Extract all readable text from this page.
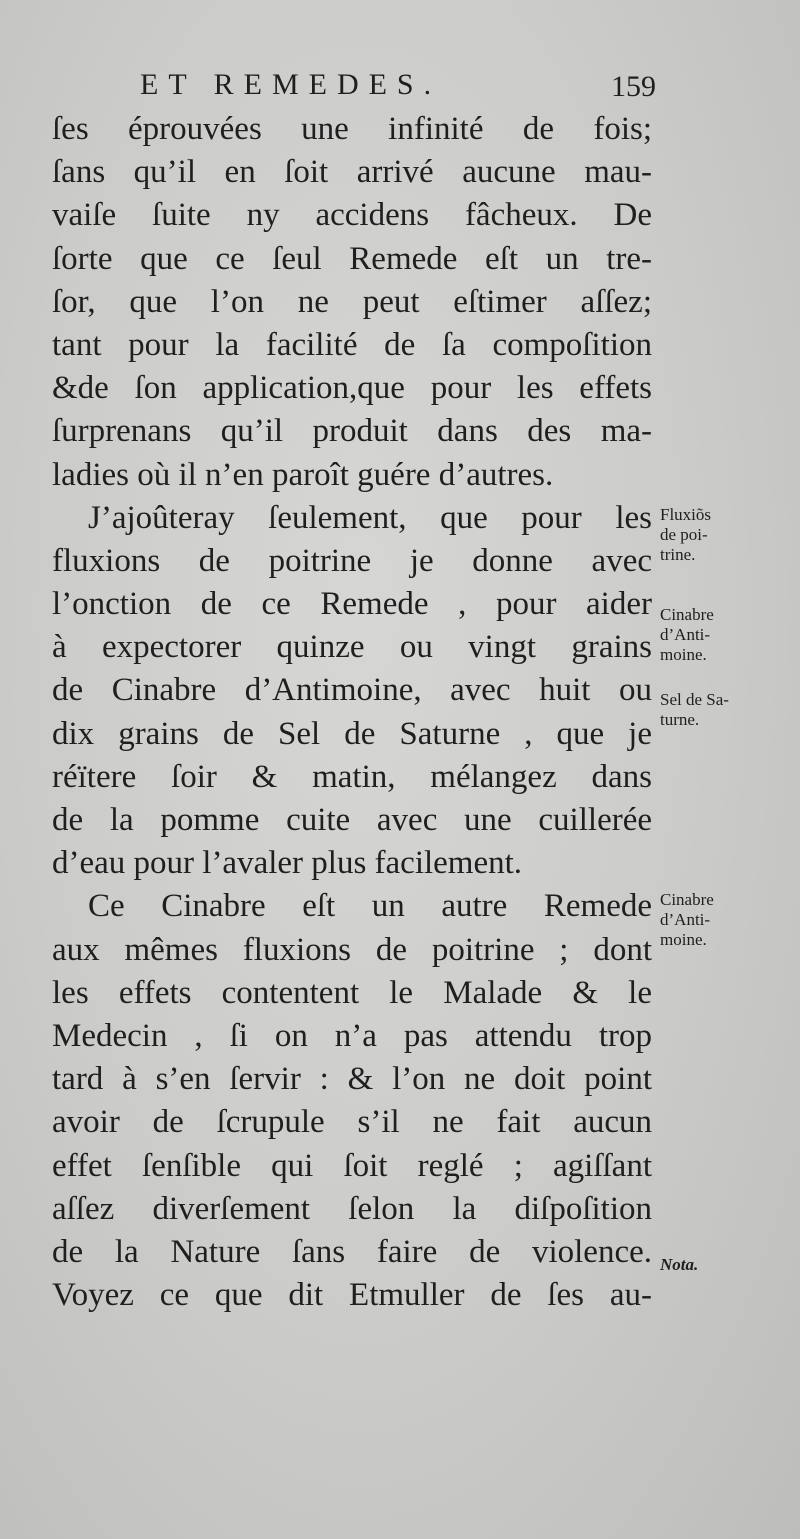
ET REMEDES.	159
ſes éprouvées une infinité de fois;
ſans qu’il en ſoit arrivé aucune mau-
vaiſe ſuite ny accidens fâcheux. De
ſorte que ce ſeul Remede eſt un tre-
ſor, que l’on ne peut eſtimer aſſez;
tant pour la facilité de ſa compoſition
&de ſon application,que pour les effets
ſurprenans qu’il produit dans des ma-
ladies où il n’en paroît guére d’autres.
J’ajoûteray ſeulement, que pour les
fluxions de poitrine je donne avec
l’onction de ce Remede , pour aider
à expectorer quinze ou vingt grains
de Cinabre d’Antimoine, avec huit ou
dix grains de Sel de Saturne , que je
réïtere ſoir & matin, mélangez dans
de la pomme cuite avec une cuillerée
d’eau pour l’avaler plus facilement.
Ce Cinabre eſt un autre Remede
aux mêmes fluxions de poitrine ; dont
les effets contentent le Malade & le
Medecin , ſi on n’a pas attendu trop
tard à s’en ſervir : & l’on ne doit point
avoir de ſcrupule s’il ne fait aucun
effet ſenſible qui ſoit reglé ; agiſſant
aſſez diverſement ſelon la diſpoſition
de la Nature ſans faire de violence.
Voyez ce que dit Etmuller de ſes au-
Fluxiõs
de poi-
trine.
Cinabre
d’Anti-
moine.
Sel de Sa-
turne.
Cinabre
d’Anti-
moine.
Nota.
